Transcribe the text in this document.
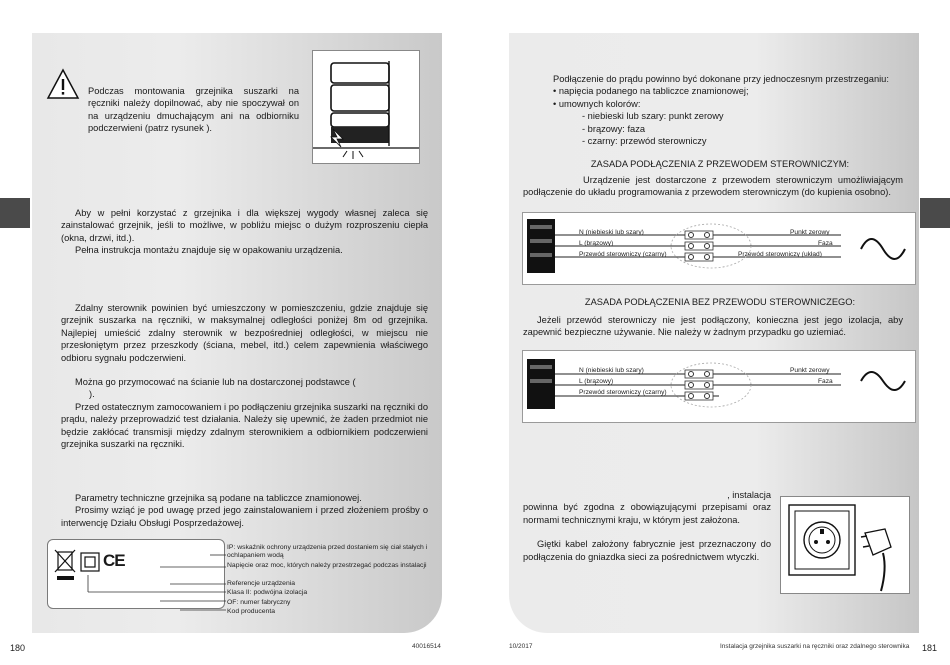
Podczas montowania grzejnika suszarki na ręczniki należy dopilnować, aby nie spoczywał on na urządzeniu dmuchającym ani na odbiorniku podczerwieni (patrz rysunek ).

Aby w pełni korzystać z grzejnika i dla większej wygody własnej zaleca się zainstalować grzejnik, jeśli to możliwe, w pobliżu miejsc o dużym rozproszeniu ciepła (okna, drzwi, itd.).

Pełna instrukcja montażu znajduje się w opakowaniu urządzenia.

Zdalny sterownik powinien być umieszczony w pomieszczeniu, gdzie znajduje się grzejnik suszarka na ręczniki, w maksymalnej odległości poniżej 8m od grzejnika. Najlepiej umieścić zdalny sterownik w bezpośredniej odległości, w miejscu nie przesłoniętym przez przeszkody (ściana, mebel, itd.) celem zapewnienia właściwego odbioru sygnału podczerwieni.

Można go przymocować na ścianie lub na dostarczonej podstawce (

).

Przed ostatecznym zamocowaniem i po podłączeniu grzejnika suszarki na ręczniki do prądu, należy przeprowadzić test działania. Należy się upewnić, że żaden przedmiot nie będzie zakłócać transmisji między zdalnym sterownikiem a odbiornikiem podczerwieni grzejnika suszarki na ręczniki.

Parametry techniczne grzejnika są podane na tabliczce znamionowej.

Prosimy wziąć je pod uwagę przed jego zainstalowaniem i przed złożeniem prośby o interwencję Działu Obsługi Posprzedażowej.

CE
IP: wskaźnik ochrony urządzenia przed dostaniem się ciał stałych i ochlapaniem wodą
Napięcie oraz moc, których należy przestrzegać podczas instalacji
Referencje urządzenia
Klasa II: podwójna izolacja
OF: numer fabryczny
Kod producenta
180	40016514

Podłączenie do prądu powinno być dokonane przy jednoczesnym przestrzeganiu:

• napięcia podanego na tabliczce znamionowej;

• umownych kolorów:

- niebieski lub szary: punkt zerowy

- brązowy: faza

- czarny: przewód sterowniczy

ZASADA PODŁĄCZENIA Z PRZEWODEM STEROWNICZYM:

Urządzenie jest dostarczone z przewodem sterowniczym umożliwiającym podłączenie do układu programowania z przewodem sterowniczym (do kupienia osobno).

N (niebieski lub szary)
L (brązowy)
Przewód sterowniczy (czarny)
Punkt zerowy
Faza
Przewód sterowniczy (układ)
ZASADA PODŁĄCZENIA BEZ PRZEWODU STEROWNICZEGO:

Jeżeli przewód sterowniczy nie jest podłączony, konieczna jest jego izolacja, aby zapewnić bezpieczne używanie. Nie należy w żadnym przypadku go uziemiać.

N (niebieski lub szary)
L (brązowy)
Przewód sterowniczy (czarny)
Punkt zerowy
Faza

, instalacja

powinna być zgodna z obowiązującymi przepisami oraz normami technicznymi kraju, w którym jest założona.

Giętki kabel założony fabrycznie jest przeznaczony do podłączenia do gniazdka sieci za pośrednictwem wtyczki.

10/2017	Instalacja grzejnika suszarki na ręczniki oraz zdalnego sterownika 181
